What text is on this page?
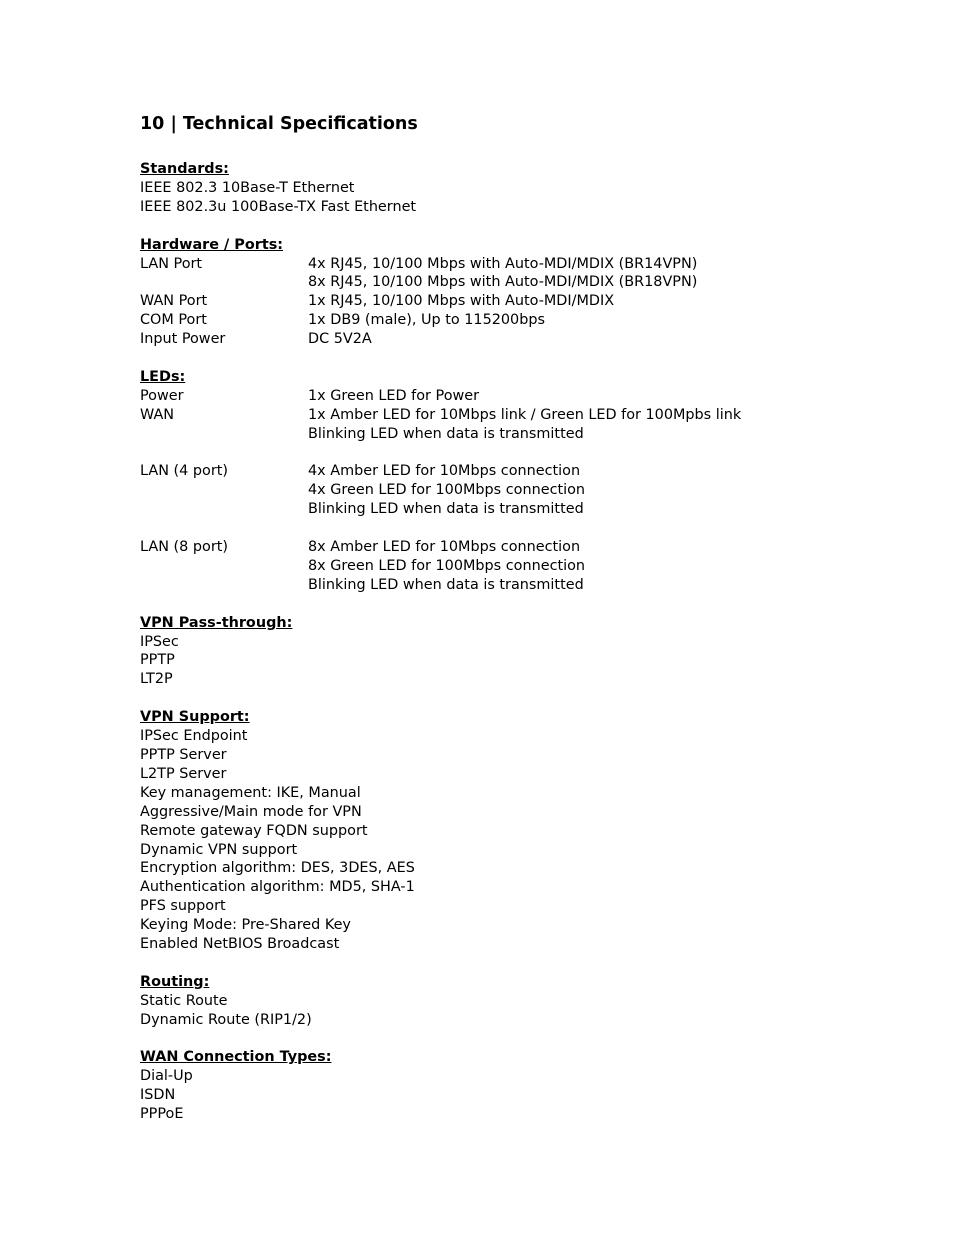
10 | Technical Specifications
Standards:
IEEE 802.3 10Base-T Ethernet
IEEE 802.3u 100Base-TX Fast Ethernet
Hardware / Ports:
LAN Port	4x RJ45, 10/100 Mbps with Auto-MDI/MDIX (BR14VPN)
8x RJ45, 10/100 Mbps with Auto-MDI/MDIX (BR18VPN)
WAN Port	1x RJ45, 10/100 Mbps with Auto-MDI/MDIX
COM Port	1x DB9 (male), Up to 115200bps
Input Power	DC 5V2A
LEDs:
Power	1x Green LED for Power
WAN	1x Amber LED for 10Mbps link / Green LED for 100Mpbs link
Blinking LED when data is transmitted
LAN (4 port)	4x Amber LED for 10Mbps connection
4x Green LED for 100Mbps connection
Blinking LED when data is transmitted
LAN (8 port)	8x Amber LED for 10Mbps connection
8x Green LED for 100Mbps connection
Blinking LED when data is transmitted
VPN Pass-through:
IPSec
PPTP
LT2P
VPN Support:
IPSec Endpoint
PPTP Server
L2TP Server
Key management: IKE, Manual
Aggressive/Main mode for VPN
Remote gateway FQDN support
Dynamic VPN support
Encryption algorithm: DES, 3DES, AES
Authentication algorithm: MD5, SHA-1
PFS support
Keying Mode: Pre-Shared Key
Enabled NetBIOS Broadcast
Routing:
Static Route
Dynamic Route (RIP1/2)
WAN Connection Types:
Dial-Up
ISDN
PPPoE
